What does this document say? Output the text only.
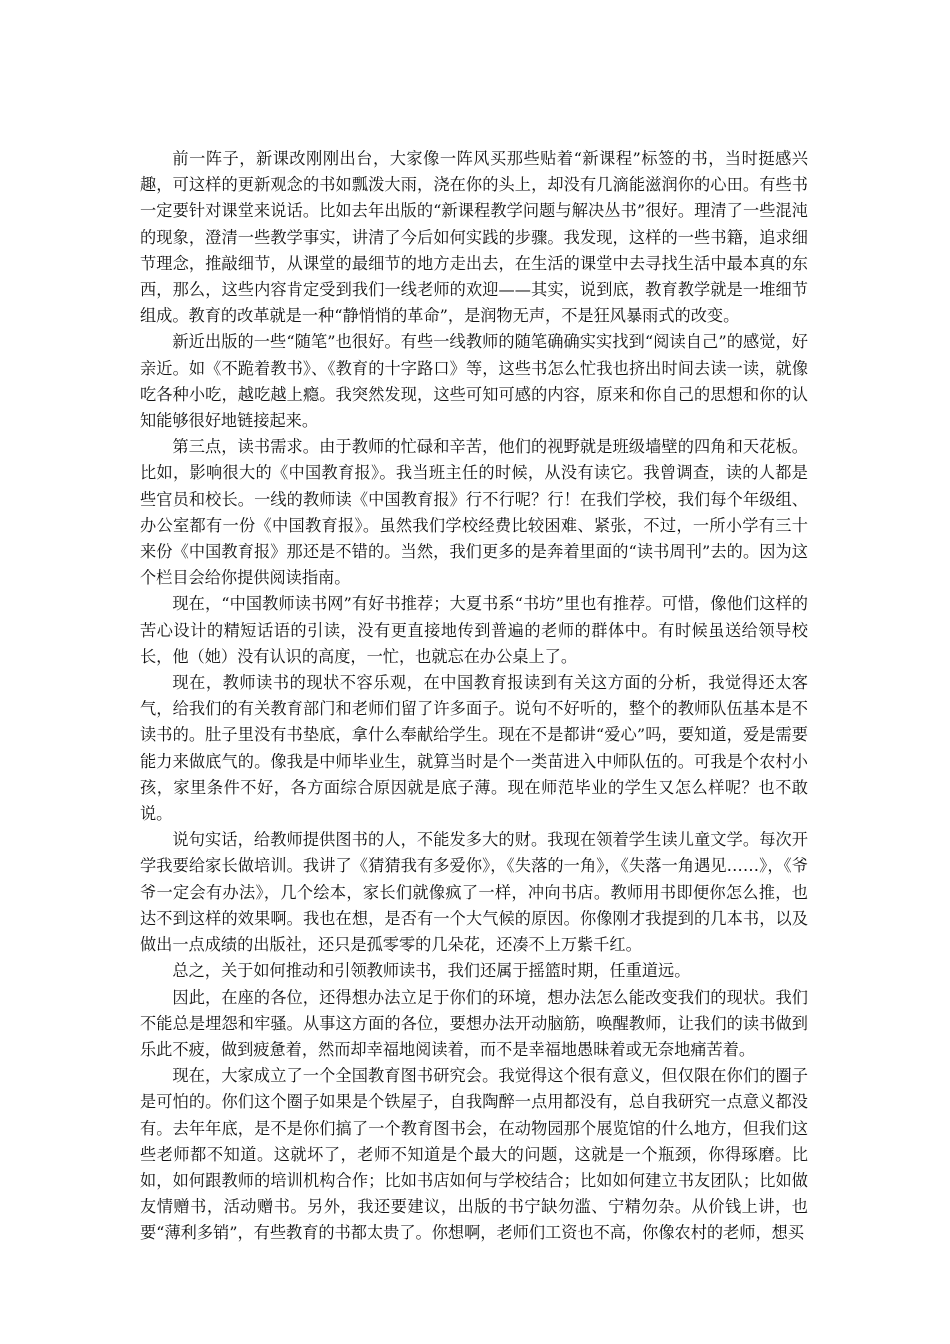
前一阵子，新课改刚刚出台，大家像一阵风买那些贴着“新课程”标签的书，当时挺感兴趣，可这样的更新观念的书如瓢泼大雨，浇在你的头上，却没有几滴能滋润你的心田。有些书一定要针对课堂来说话。比如去年出版的“新课程教学问题与解决丛书”很好。理清了一些混沌的现象，澄清一些教学事实，讲清了今后如何实践的步骤。我发现，这样的一些书籍，追求细节理念，推敲细节，从课堂的最细节的地方走出去，在生活的课堂中去寻找生活中最本真的东西，那么，这些内容肯定受到我们一线老师的欢迎——其实，说到底，教育教学就是一堆细节组成。教育的改革就是一种“静悄悄的革命”，是润物无声，不是狂风暴雨式的改变。

新近出版的一些“随笔”也很好。有些一线教师的随笔确确实实找到“阅读自己”的感觉，好亲近。如《不跪着教书》、《教育的十字路口》等，这些书怎么忙我也挤出时间去读一读，就像吃各种小吃，越吃越上瘾。我突然发现，这些可知可感的内容，原来和你自己的思想和你的认知能够很好地链接起来。

第三点，读书需求。由于教师的忙碌和辛苦，他们的视野就是班级墙壁的四角和天花板。比如，影响很大的《中国教育报》。我当班主任的时候，从没有读它。我曾调查，读的人都是些官员和校长。一线的教师读《中国教育报》行不行呢？行！在我们学校，我们每个年级组、办公室都有一份《中国教育报》。虽然我们学校经费比较困难、紧张，不过，一所小学有三十来份《中国教育报》那还是不错的。当然，我们更多的是奔着里面的“读书周刊”去的。因为这个栏目会给你提供阅读指南。

现在，“中国教师读书网”有好书推荐；大夏书系“书坊”里也有推荐。可惜，像他们这样的苦心设计的精短话语的引读，没有更直接地传到普遍的老师的群体中。有时候虽送给领导校长，他（她）没有认识的高度，一忙，也就忘在办公桌上了。

现在，教师读书的现状不容乐观，在中国教育报读到有关这方面的分析，我觉得还太客气，给我们的有关教育部门和老师们留了许多面子。说句不好听的，整个的教师队伍基本是不读书的。肚子里没有书垫底，拿什么奉献给学生。现在不是都讲“爱心”吗，要知道，爱是需要能力来做底气的。像我是中师毕业生，就算当时是个一类苗进入中师队伍的。可我是个农村小孩，家里条件不好，各方面综合原因就是底子薄。现在师范毕业的学生又怎么样呢？也不敢说。

说句实话，给教师提供图书的人，不能发多大的财。我现在领着学生读儿童文学。每次开学我要给家长做培训。我讲了《猜猜我有多爱你》，《失落的一角》，《失落一角遇见……》，《爷爷一定会有办法》，几个绘本，家长们就像疯了一样，冲向书店。教师用书即便你怎么推，也达不到这样的效果啊。我也在想，是否有一个大气候的原因。你像刚才我提到的几本书，以及做出一点成绩的出版社，还只是孤零零的几朵花，还凑不上万紫千红。

总之，关于如何推动和引领教师读书，我们还属于摇篮时期，任重道远。

因此，在座的各位，还得想办法立足于你们的环境，想办法怎么能改变我们的现状。我们不能总是埋怨和牢骚。从事这方面的各位，要想办法开动脑筋，唤醒教师，让我们的读书做到乐此不疲，做到疲惫着，然而却幸福地阅读着，而不是幸福地愚昧着或无奈地痛苦着。

现在，大家成立了一个全国教育图书研究会。我觉得这个很有意义，但仅限在你们的圈子是可怕的。你们这个圈子如果是个铁屋子，自我陶醉一点用都没有，总自我研究一点意义都没有。去年年底，是不是你们搞了一个教育图书会，在动物园那个展览馆的什么地方，但我们这些老师都不知道。这就坏了，老师不知道是个最大的问题，这就是一个瓶颈，你得琢磨。比如，如何跟教师的培训机构合作；比如书店如何与学校结合；比如如何建立书友团队；比如做友情赠书，活动赠书。另外，我还要建议，出版的书宁缺勿滥、宁精勿杂。从价钱上讲，也要“薄利多销”，有些教育的书都太贵了。你想啊，老师们工资也不高，你像农村的老师，想买
